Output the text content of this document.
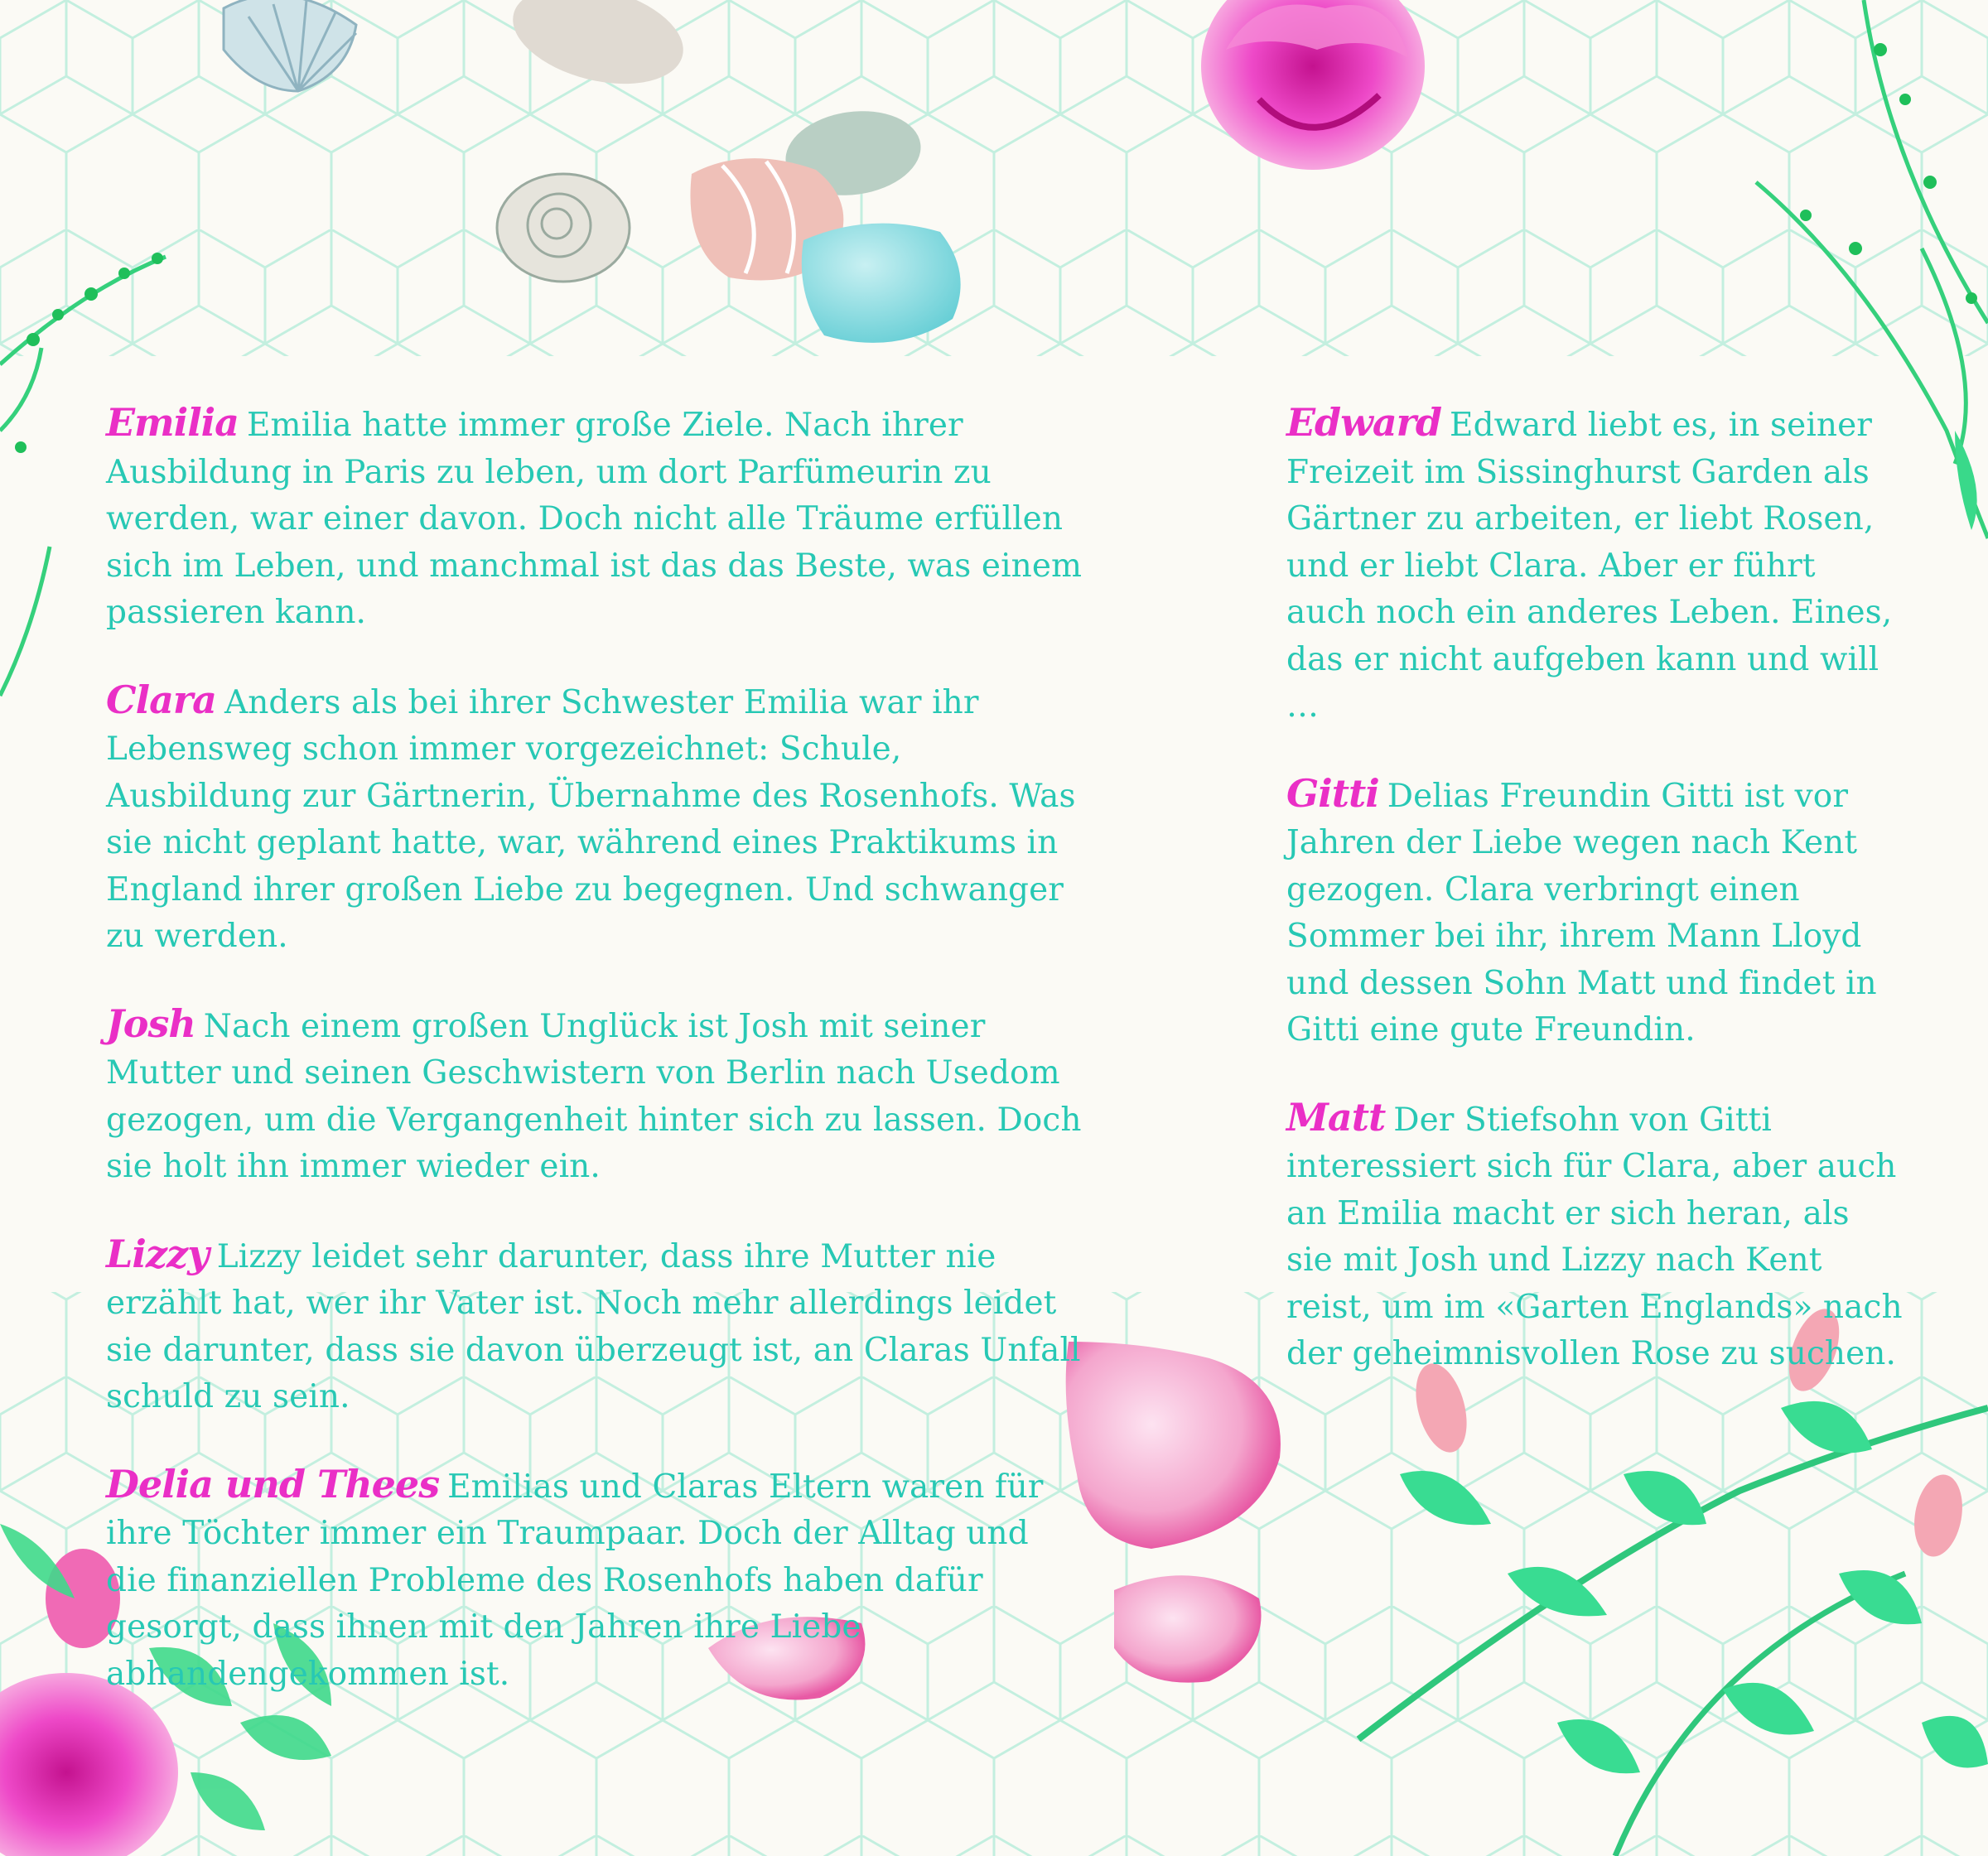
Emilia Emilia hatte immer große Ziele. Nach ihrer Ausbildung in Paris zu leben, um dort Parfümeurin zu werden, war einer davon. Doch nicht alle Träume erfüllen sich im Leben, und manchmal ist das das Beste, was einem passieren kann.

Clara Anders als bei ihrer Schwester Emilia war ihr Lebensweg schon immer vorgezeichnet: Schule, Ausbildung zur Gärtnerin, Übernahme des Rosenhofs. Was sie nicht geplant hatte, war, während eines Praktikums in England ihrer großen Liebe zu begegnen. Und schwanger zu werden.

Josh Nach einem großen Unglück ist Josh mit seiner Mutter und seinen Geschwistern von Berlin nach Usedom gezogen, um die Vergangenheit hinter sich zu lassen. Doch sie holt ihn immer wieder ein.

Lizzy Lizzy leidet sehr darunter, dass ihre Mutter nie erzählt hat, wer ihr Vater ist. Noch mehr allerdings leidet sie darunter, dass sie davon überzeugt ist, an Claras Unfall schuld zu sein.

Delia und Thees Emilias und Claras Eltern waren für ihre Töchter immer ein Traumpaar. Doch der Alltag und die finanziellen Probleme des Rosenhofs haben dafür gesorgt, dass ihnen mit den Jahren ihre Liebe abhandengekommen ist.

Edward Edward liebt es, in seiner Freizeit im Sissinghurst Garden als Gärtner zu arbeiten, er liebt Rosen, und er liebt Clara. Aber er führt auch noch ein anderes Leben. Eines, das er nicht aufgeben kann und will …

Gitti Delias Freundin Gitti ist vor Jahren der Liebe wegen nach Kent gezogen. Clara verbringt einen Sommer bei ihr, ihrem Mann Lloyd und dessen Sohn Matt und findet in Gitti eine gute Freundin.

Matt Der Stiefsohn von Gitti interessiert sich für Clara, aber auch an Emilia macht er sich heran, als sie mit Josh und Lizzy nach Kent reist, um im «Garten Englands» nach der geheimnisvollen Rose zu suchen.
